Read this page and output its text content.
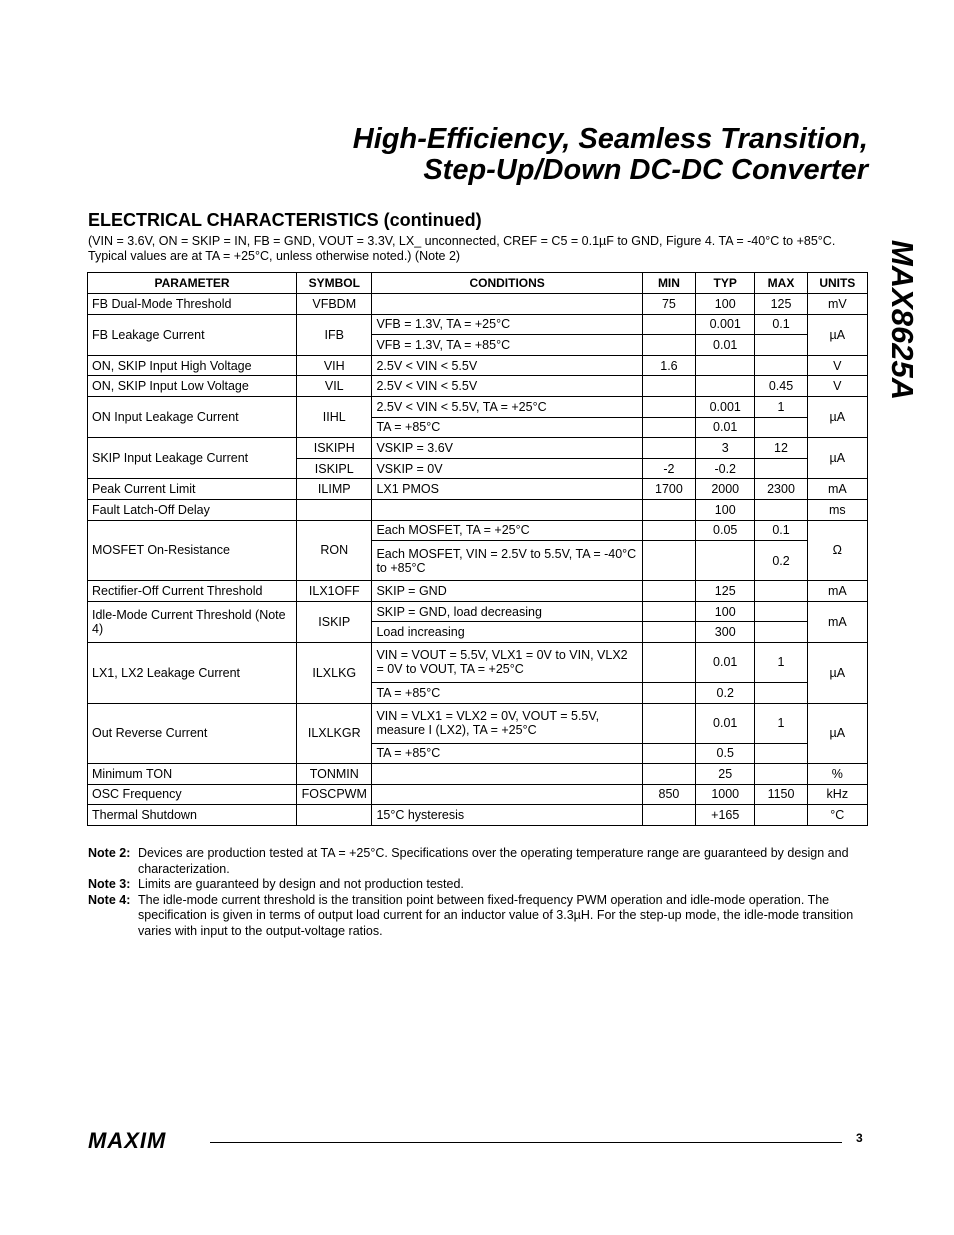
High-Efficiency, Seamless Transition,
Step-Up/Down DC-DC Converter
MAX8625A
ELECTRICAL CHARACTERISTICS (continued)
(VIN = 3.6V, ON = SKIP = IN, FB = GND, VOUT = 3.3V, LX_ unconnected, CREF = C5 = 0.1µF to GND, Figure 4. TA = -40°C to +85°C.
Typical values are at TA = +25°C, unless otherwise noted.) (Note 2)
PARAMETER	SYMBOL	CONDITIONS	MIN	TYP	MAX	UNITS
FB Dual-Mode Threshold	VFBDM		75	100	125	mV
FB Leakage Current	IFB	VFB = 1.3V, TA = +25°C		0.001	0.1	µA
		VFB = 1.3V, TA = +85°C		0.01		
ON, SKIP Input High Voltage	VIH	2.5V < VIN < 5.5V	1.6			V
ON, SKIP Input Low Voltage	VIL	2.5V < VIN < 5.5V			0.45	V
ON Input Leakage Current	IIHL	2.5V < VIN < 5.5V, TA = +25°C		0.001	1	µA
		TA = +85°C		0.01		
SKIP Input Leakage Current	ISKIPH	VSKIP = 3.6V		3	12	µA
	ISKIPL	VSKIP = 0V	-2	-0.2		
Peak Current Limit	ILIMP	LX1 PMOS	1700	2000	2300	mA
Fault Latch-Off Delay				100		ms
MOSFET On-Resistance	RON	Each MOSFET, TA = +25°C		0.05	0.1	Ω
		Each MOSFET, VIN = 2.5V to 5.5V, TA = -40°C to +85°C			0.2	
Rectifier-Off Current Threshold	ILX1OFF	SKIP = GND		125		mA
Idle-Mode Current Threshold (Note 4)	ISKIP	SKIP = GND, load decreasing		100		mA
		Load increasing		300		
LX1, LX2 Leakage Current	ILXLKG	VIN = VOUT = 5.5V, VLX1 = 0V to VIN, VLX2 = 0V to VOUT, TA = +25°C		0.01	1	µA
		TA = +85°C		0.2		
Out Reverse Current	ILXLKGR	VIN = VLX1 = VLX2 = 0V, VOUT = 5.5V, measure I (LX2), TA = +25°C		0.01	1	µA
		TA = +85°C		0.5		
Minimum TON	TONMIN			25		%
OSC Frequency	FOSCPWM		850	1000	1150	kHz
Thermal Shutdown		15°C hysteresis		+165		°C
Note 2: Devices are production tested at TA = +25°C. Specifications over the operating temperature range are guaranteed by design and characterization.
Note 3: Limits are guaranteed by design and not production tested.
Note 4: The idle-mode current threshold is the transition point between fixed-frequency PWM operation and idle-mode operation. The specification is given in terms of output load current for an inductor value of 3.3µH. For the step-up mode, the idle-mode transition varies with input to the output-voltage ratios.
MAXIM	3
